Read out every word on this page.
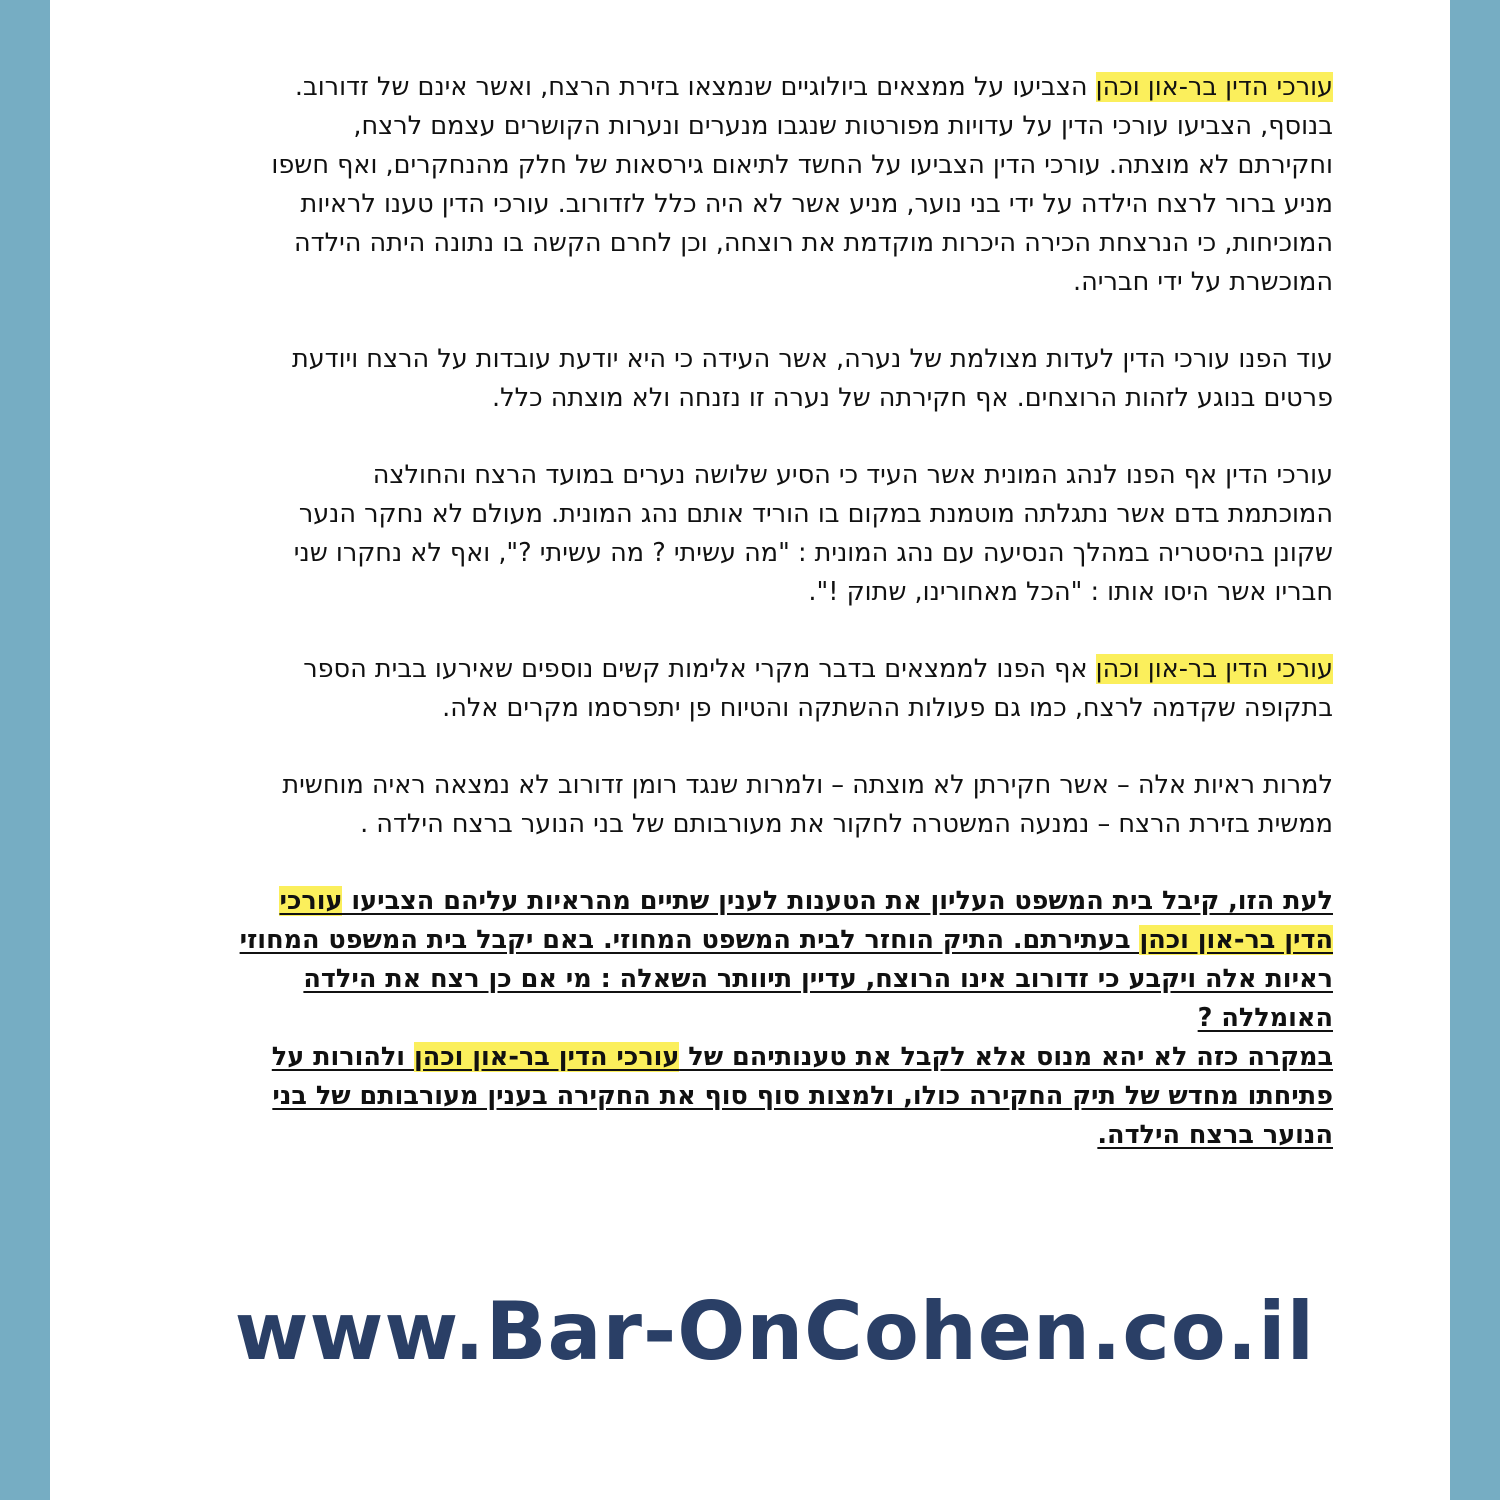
עורכי הדין בר-און וכהן הצביעו על ממצאים ביולוגיים שנמצאו בזירת הרצח, ואשר אינם של זדורוב.
בנוסף, הצביעו עורכי הדין על עדויות מפורטות שנגבו מנערים ונערות הקושרים עצמם לרצח,
וחקירתם לא מוצתה. עורכי הדין הצביעו על החשד לתיאום גירסאות של חלק מהנחקרים, ואף חשפו
מניע ברור לרצח הילדה על ידי בני נוער, מניע אשר לא היה כלל לזדורוב. עורכי הדין טענו לראיות
המוכיחות, כי הנרצחת הכירה היכרות מוקדמת את רוצחה, וכן לחרם הקשה בו נתונה היתה הילדה
המוכשרת על ידי חבריה.

עוד הפנו עורכי הדין לעדות מצולמת של נערה, אשר העידה כי היא יודעת עובדות על הרצח ויודעת
פרטים בנוגע לזהות הרוצחים. אף חקירתה של נערה זו נזנחה ולא מוצתה כלל.

עורכי הדין אף הפנו לנהג המונית אשר העיד כי הסיע שלושה נערים במועד הרצח והחולצה
המוכתמת בדם אשר נתגלתה מוטמנת במקום בו הוריד אותם נהג המונית. מעולם לא נחקר הנער
שקונן בהיסטריה במהלך הנסיעה עם נהג המונית : "מה עשיתי ? מה עשיתי ?", ואף לא נחקרו שני
חבריו אשר היסו אותו : "הכל מאחורינו, שתוק !".

עורכי הדין בר-און וכהן אף הפנו לממצאים בדבר מקרי אלימות קשים נוספים שאירעו בבית הספר
בתקופה שקדמה לרצח, כמו גם פעולות ההשתקה והטיוח פן יתפרסמו מקרים אלה.

למרות ראיות אלה – אשר חקירתן לא מוצתה – ולמרות שנגד רומן זדורוב לא נמצאה ראיה מוחשית
ממשית בזירת הרצח – נמנעה המשטרה לחקור את מעורבותם של בני הנוער ברצח הילדה .

לעת הזו, קיבל בית המשפט העליון את הטענות לענין שתיים מהראיות עליהם הצביעו עורכי
הדין בר-און וכהן בעתירתם. התיק הוחזר לבית המשפט המחוזי. באם יקבל בית המשפט המחוזי
ראיות אלה ויקבע כי זדורוב אינו הרוצח, עדיין תיוותר השאלה : מי אם כן רצח את הילדה
האומללה ?
במקרה כזה לא יהא מנוס אלא לקבל את טענותיהם של עורכי הדין בר-און וכהן ולהורות על
פתיחתו מחדש של תיק החקירה כולו, ולמצות סוף סוף את החקירה בענין מעורבותם של בני
הנוער ברצח הילדה.

www.Bar-OnCohen.co.il
